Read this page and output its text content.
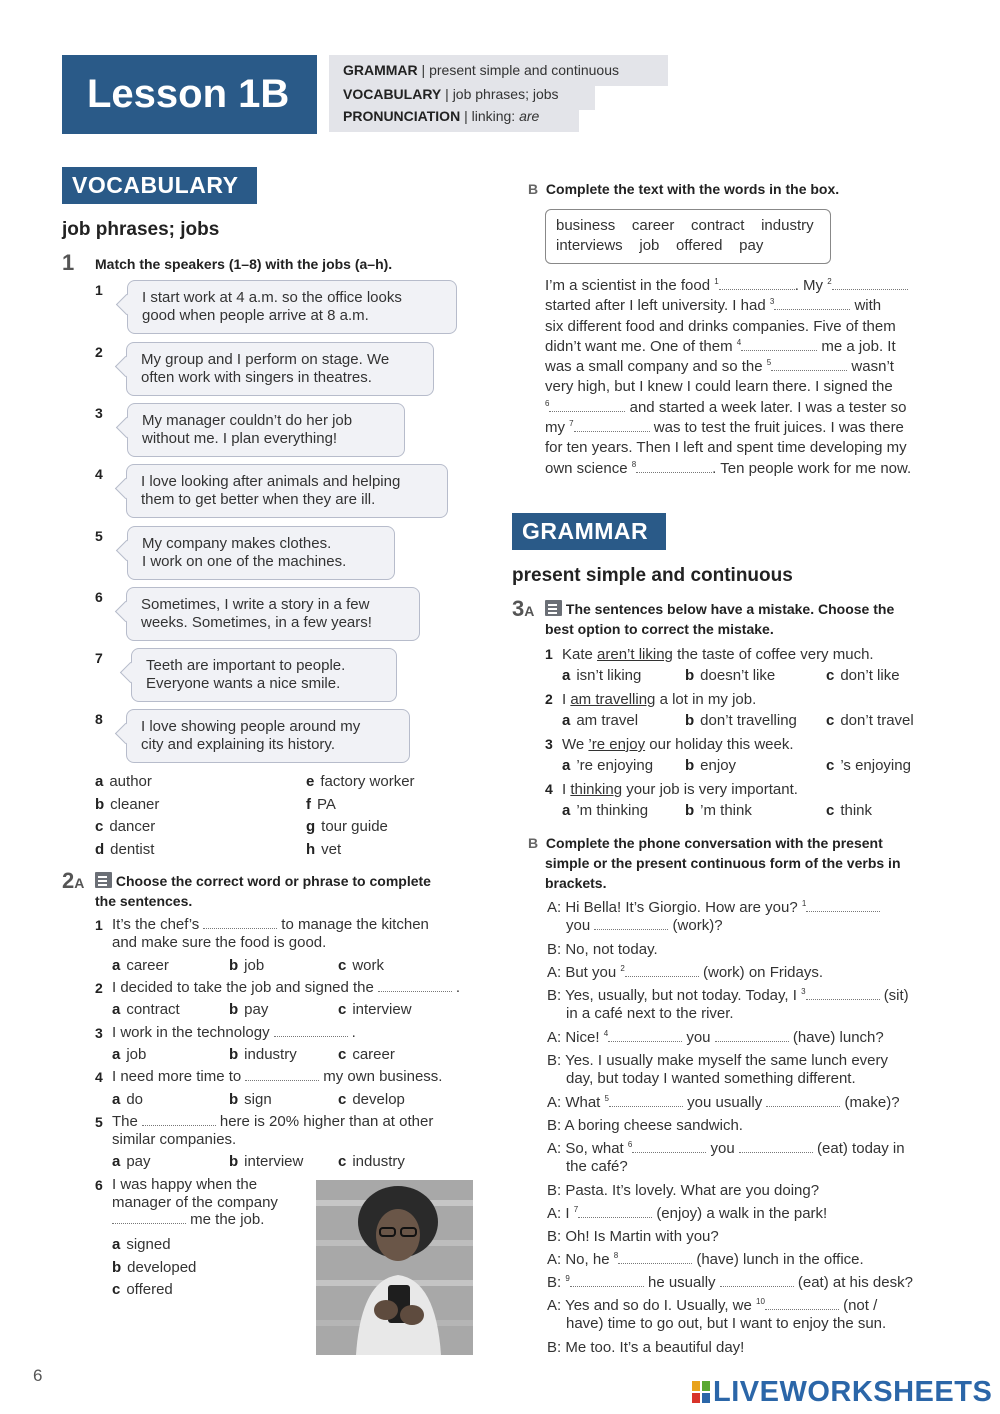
Lesson 1B
GRAMMAR | present simple and continuous
VOCABULARY | job phrases; jobs
PRONUNCIATION | linking: are
VOCABULARY
job phrases; jobs
1 Match the speakers (1–8) with the jobs (a–h).
1	I start work at 4 a.m. so the office looks
good when people arrive at 8 a.m.
2	My group and I perform on stage. We
often work with singers in theatres.
3	My manager couldn’t do her job
without me. I plan everything!
4	I love looking after animals and helping
them to get better when they are ill.
5	My company makes clothes.
I work on one of the machines.
6	Sometimes, I write a story in a few
weeks. Sometimes, in a few years!
7	Teeth are important to people.
Everyone wants a nice smile.
8	I love showing people around my
city and explaining its history.
a author
b cleaner
c dancer
d dentist
e factory worker
f PA
g tour guide
h vet
2A	Choose the correct word or phrase to complete
the sentences.
1 It’s the chef’s	to manage the kitchen
and make sure the food is good.
a career	b job	c work
2 I decided to take the job and signed the	.
a contract	b pay	c interview
3 I work in the technology	.
a job	b industry	c career
4 I need more time to	my own business.
a do	b sign	c develop
5 The	here is 20% higher than at other
similar companies.
a pay	b interview c industry
6 I was happy when the
manager of the company
me the job.
a signed
b developed
c offered
B Complete the text with the words in the box.
business    career    contract    industry
interviews    job    offered    pay
I’m a scientist in the food $^1$	. My $^2$
started after I left university. I had $^3$	with
six different food and drinks companies. Five of them
didn’t want me. One of them $^4$	me a job. It
was a small company and so the $^5$	wasn’t
very high, but I knew I could learn there. I signed the
$^6$	and started a week later. I was a tester so
my $^7$	was to test the fruit juices. I was there
for ten years. Then I left and spent time developing my
own science $^8$	. Ten people work for me now.
GRAMMAR
present simple and continuous
3A	The sentences below have a mistake. Choose the
best option to correct the mistake.
1 Kate aren’t liking the taste of coffee very much.
a isn’t liking	b doesn’t like	c don’t like
2 I am travelling a lot in my job.
a am travel	b don’t travelling c don’t travel
3 We ’re enjoy our holiday this week.
a ’re enjoying b enjoy	c ’s enjoying
4 I thinking your job is very important.
a ’m thinking b ’m think	c think
B Complete the phone conversation with the present
simple or the present continuous form of the verbs in
brackets.
A: Hi Bella! It’s Giorgio. How are you? $^1$
you	(work)?
B: No, not today.
A: But you $^2$	(work) on Fridays.
B: Yes, usually, but not today. Today, I $^3$	(sit)
in a café next to the river.
A: Nice! $^4$	you	(have) lunch?
B: Yes. I usually make myself the same lunch every
day, but today I wanted something different.
A: What $^5$	you usually	(make)?
B: A boring cheese sandwich.
A: So, what $^6$	you	(eat) today in
the café?
B: Pasta. It’s lovely. What are you doing?
A: I $^7$	(enjoy) a walk in the park!
B: Oh! Is Martin with you?
A: No, he $^8$	(have) lunch in the office.
B: $^9$	he usually	(eat) at his desk?
A: Yes and so do I. Usually, we $^{10}$	(not /
have) time to go out, but I want to enjoy the sun.
B: Me too. It’s a beautiful day!
6
LIVEWORKSHEETS
